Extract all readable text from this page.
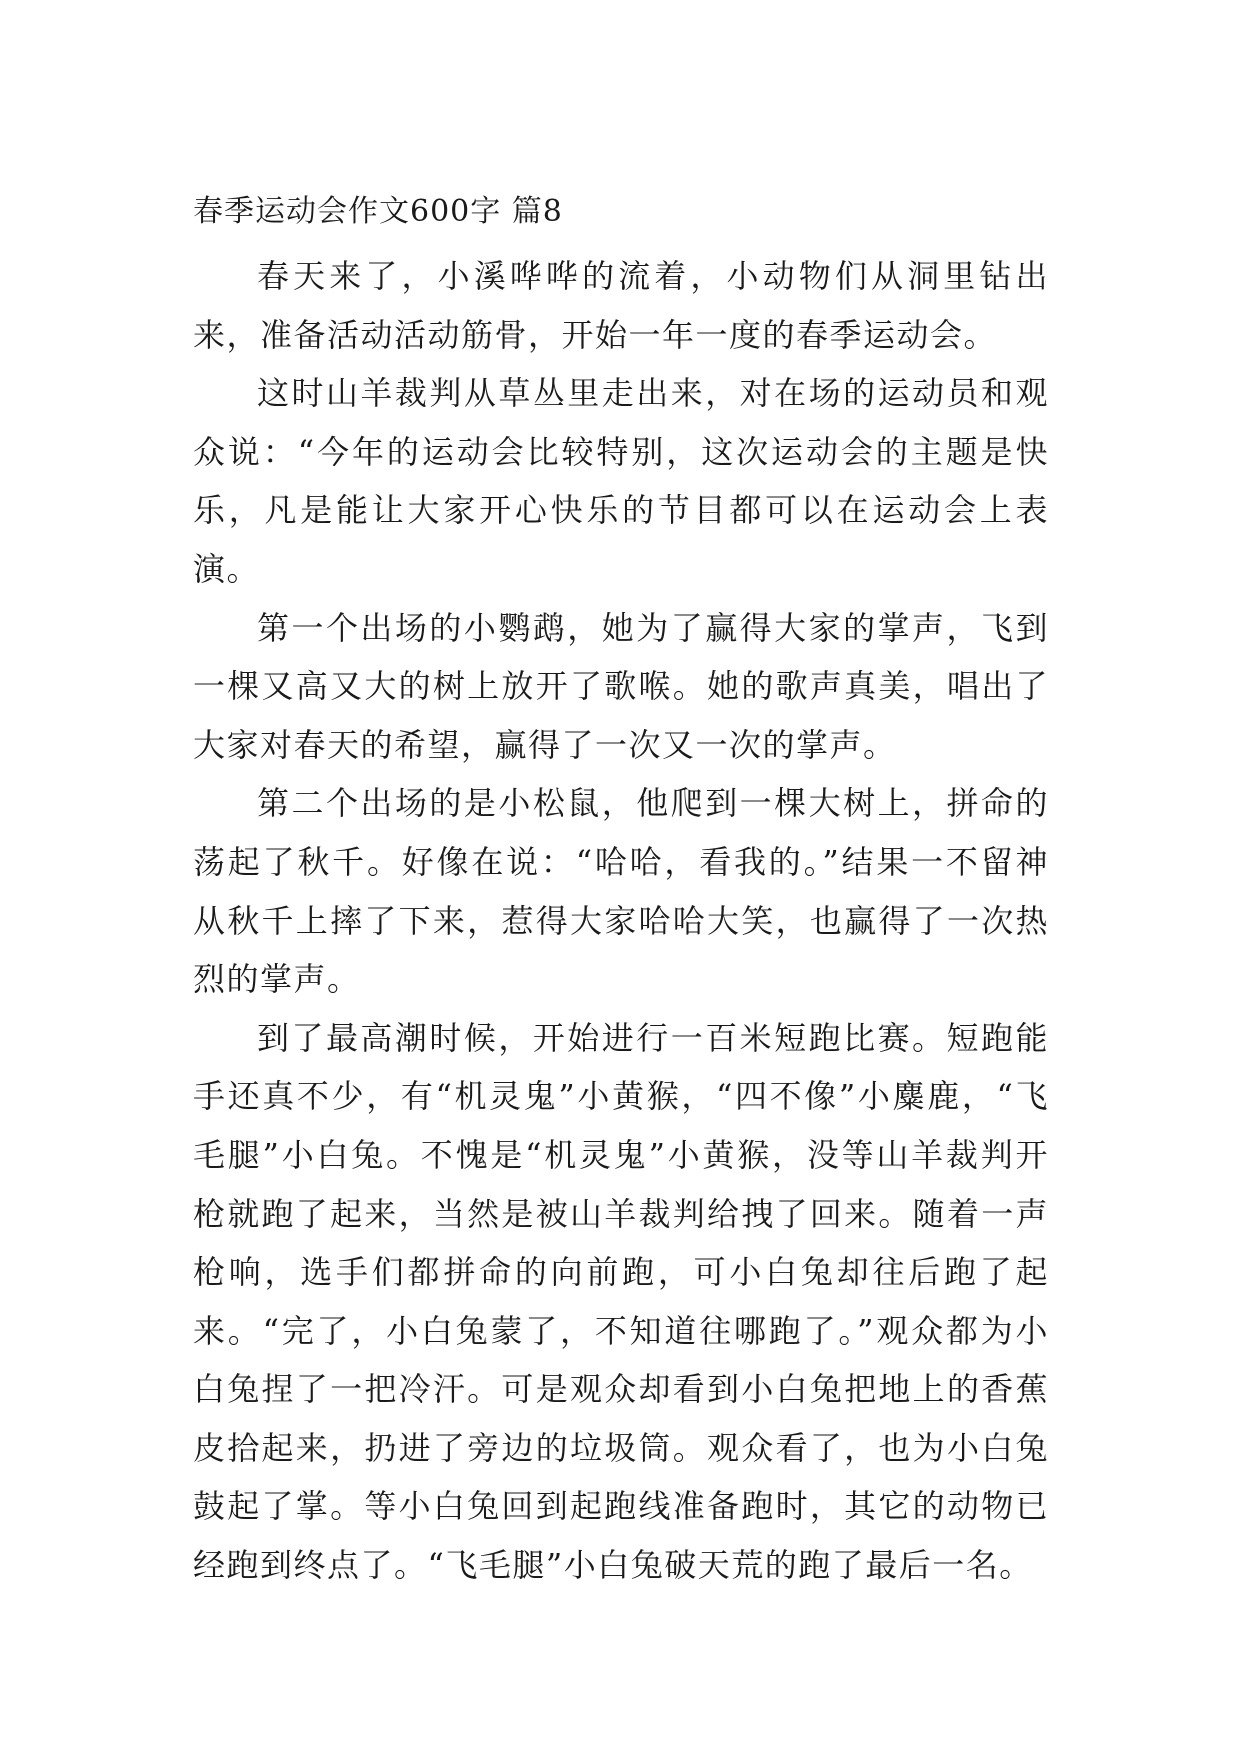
春季运动会作文600字 篇8

春天来了，小溪哗哗的流着，小动物们从洞里钻出来，准备活动活动筋骨，开始一年一度的春季运动会。

这时山羊裁判从草丛里走出来，对在场的运动员和观众说：“今年的运动会比较特别，这次运动会的主题是快乐，凡是能让大家开心快乐的节目都可以在运动会上表演。

第一个出场的小鹦鹉，她为了赢得大家的掌声，飞到一棵又高又大的树上放开了歌喉。她的歌声真美，唱出了大家对春天的希望，赢得了一次又一次的掌声。

第二个出场的是小松鼠，他爬到一棵大树上，拼命的荡起了秋千。好像在说：“哈哈，看我的。”结果一不留神从秋千上摔了下来，惹得大家哈哈大笑，也赢得了一次热烈的掌声。

到了最高潮时候，开始进行一百米短跑比赛。短跑能手还真不少，有“机灵鬼”小黄猴，“四不像”小麋鹿，“飞毛腿”小白兔。不愧是“机灵鬼”小黄猴，没等山羊裁判开枪就跑了起来，当然是被山羊裁判给拽了回来。随着一声枪响，选手们都拼命的向前跑，可小白兔却往后跑了起来。“完了，小白兔蒙了，不知道往哪跑了。”观众都为小白兔捏了一把冷汗。可是观众却看到小白兔把地上的香蕉皮拾起来，扔进了旁边的垃圾筒。观众看了，也为小白兔鼓起了掌。等小白兔回到起跑线准备跑时，其它的动物已经跑到终点了。“飞毛腿”小白兔破天荒的跑了最后一名。
